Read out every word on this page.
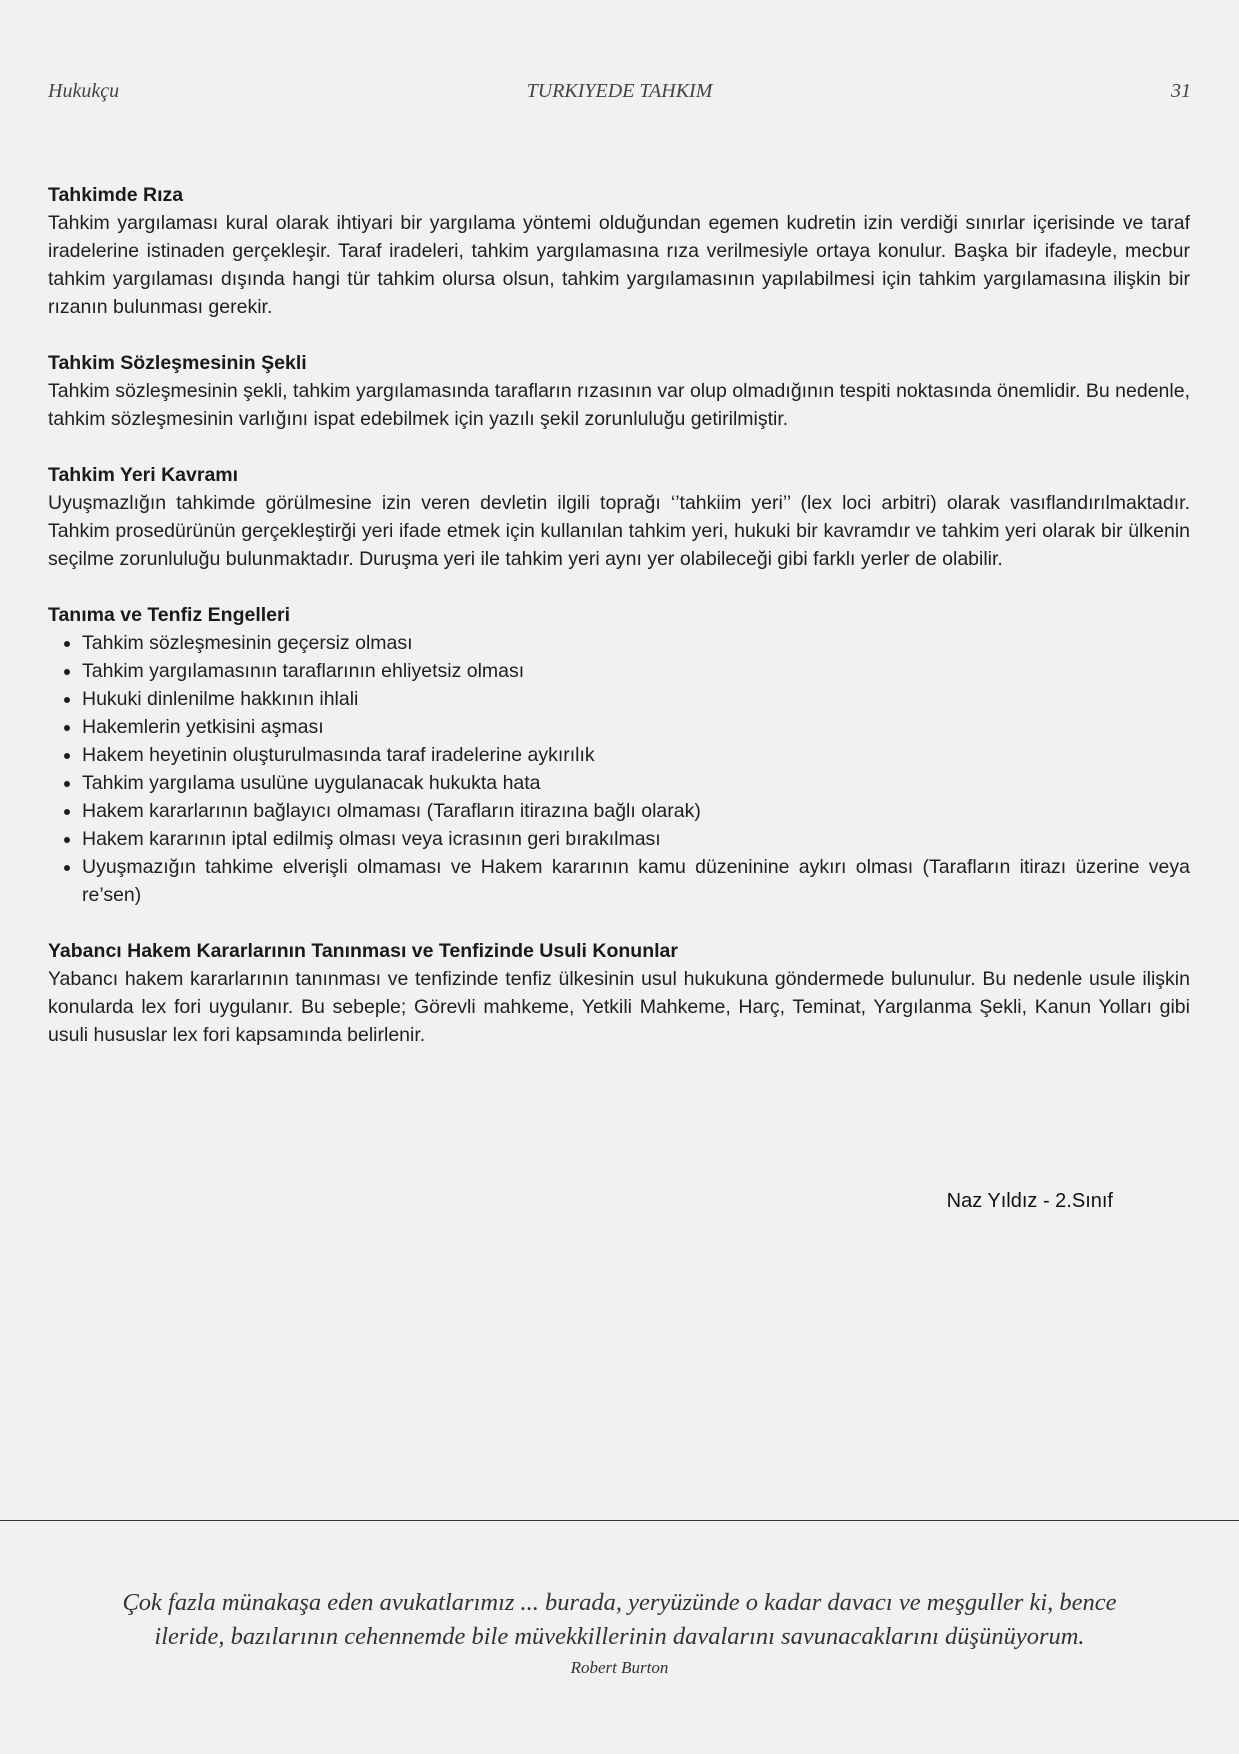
Hukukçu	TURKIYEDE TAHKIM	31
Tahkimde Rıza

Tahkim yargılaması kural olarak ihtiyari bir yargılama yöntemi olduğundan egemen kudretin izin verdiği sınırlar içerisinde ve taraf iradelerine istinaden gerçekleşir. Taraf iradeleri, tahkim yargılamasına rıza verilmesiyle ortaya konulur. Başka bir ifadeyle, mecbur tahkim yargılaması dışında hangi tür tahkim olursa olsun, tahkim yargılamasının yapılabilmesi için tahkim yargılamasına ilişkin bir rızanın bulunması gerekir.

Tahkim Sözleşmesinin Şekli

Tahkim sözleşmesinin şekli, tahkim yargılamasında tarafların rızasının var olup olmadığının tespiti noktasında önemlidir. Bu nedenle, tahkim sözleşmesinin varlığını ispat edebilmek için yazılı şekil zorunluluğu getirilmiştir.

Tahkim Yeri Kavramı

Uyuşmazlığın tahkimde görülmesine izin veren devletin ilgili toprağı ‘’tahkiim yeri’’ (lex loci arbitri) olarak vasıflandırılmaktadır. Tahkim prosedürünün gerçekleştirği yeri ifade etmek için kullanılan tahkim yeri, hukuki bir kavramdır ve tahkim yeri olarak bir ülkenin seçilme zorunluluğu bulunmaktadır. Duruşma yeri ile tahkim yeri aynı yer olabileceği gibi farklı yerler de olabilir.

Tanıma ve Tenfiz Engelleri
• Tahkim sözleşmesinin geçersiz olması
• Tahkim yargılamasının taraflarının ehliyetsiz olması
• Hukuki dinlenilme hakkının ihlali
• Hakemlerin yetkisini aşması
• Hakem heyetinin oluşturulmasında taraf iradelerine aykırılık
• Tahkim yargılama usulüne uygulanacak hukukta hata
• Hakem kararlarının bağlayıcı olmaması (Tarafların itirazına bağlı olarak)
• Hakem kararının iptal edilmiş olması veya icrasının geri bırakılması
• Uyuşmazığın tahkime elverişli olmaması ve Hakem kararının kamu düzeninine aykırı olması (Tarafların itirazı üzerine veya re’sen)
Yabancı Hakem Kararlarının Tanınması ve Tenfizinde Usuli Konunlar

Yabancı hakem kararlarının tanınması ve tenfizinde tenfiz ülkesinin usul hukukuna göndermede bulunulur. Bu nedenle usule ilişkin konularda lex fori uygulanır. Bu sebeple; Görevli mahkeme, Yetkili Mahkeme, Harç, Teminat, Yargılanma Şekli, Kanun Yolları gibi usuli hususlar lex fori kapsamında belirlenir.

Naz Yıldız - 2.Sınıf
Çok fazla münakaşa eden avukatlarımız ... burada, yeryüzünde o kadar davacı ve meşguller ki, bence ileride, bazılarının cehennemde bile müvekkillerinin davalarını savunacaklarını düşünüyorum.
Robert Burton
